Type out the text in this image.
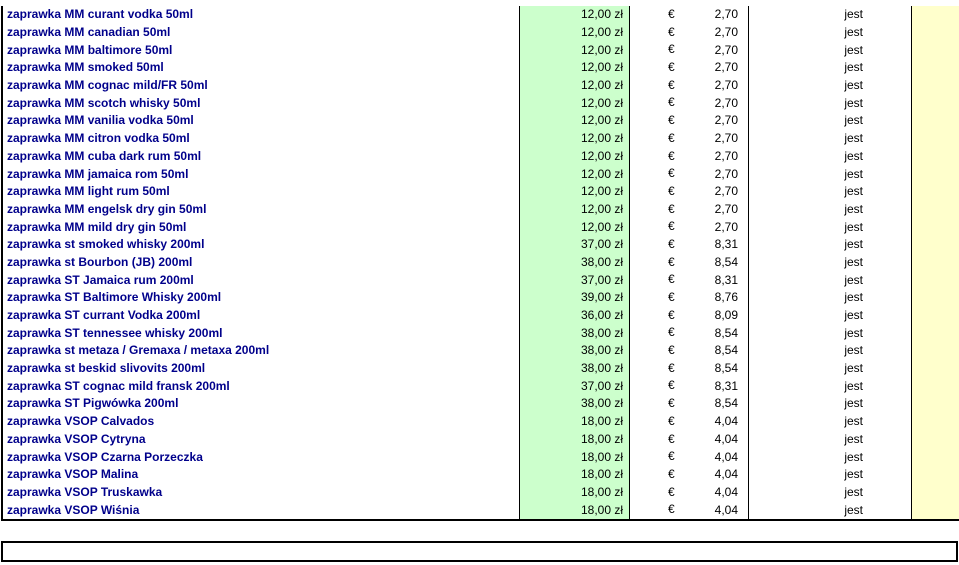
zaprawka MM curant vodka 50ml	12,00 zł	€ 2,70	jest	
zaprawka MM canadian 50ml	12,00 zł	€ 2,70	jest	
zaprawka MM baltimore 50ml	12,00 zł	€ 2,70	jest	
zaprawka MM smoked 50ml	12,00 zł	€ 2,70	jest	
zaprawka MM cognac mild/FR 50ml	12,00 zł	€ 2,70	jest	
zaprawka MM scotch whisky 50ml	12,00 zł	€ 2,70	jest	
zaprawka MM vanilia vodka 50ml	12,00 zł	€ 2,70	jest	
zaprawka MM citron vodka 50ml	12,00 zł	€ 2,70	jest	
zaprawka MM cuba dark rum 50ml	12,00 zł	€ 2,70	jest	
zaprawka MM jamaica rom 50ml	12,00 zł	€ 2,70	jest	
zaprawka MM light rum 50ml	12,00 zł	€ 2,70	jest	
zaprawka MM engelsk dry gin 50ml	12,00 zł	€ 2,70	jest	
zaprawka MM mild dry gin 50ml	12,00 zł	€ 2,70	jest	
zaprawka st smoked whisky 200ml	37,00 zł	€ 8,31	jest	
zaprawka st Bourbon (JB) 200ml	38,00 zł	€ 8,54	jest	
zaprawka ST Jamaica rum 200ml	37,00 zł	€ 8,31	jest	
zaprawka ST Baltimore Whisky 200ml	39,00 zł	€ 8,76	jest	
zaprawka ST currant Vodka 200ml	36,00 zł	€ 8,09	jest	
zaprawka ST tennessee whisky 200ml	38,00 zł	€ 8,54	jest	
zaprawka st metaza / Gremaxa / metaxa 200ml	38,00 zł	€ 8,54	jest	
zaprawka st beskid slivovits 200ml	38,00 zł	€ 8,54	jest	
zaprawka ST cognac mild fransk 200ml	37,00 zł	€ 8,31	jest	
zaprawka ST Pigwówka 200ml	38,00 zł	€ 8,54	jest	
zaprawka VSOP Calvados	18,00 zł	€ 4,04	jest	
zaprawka VSOP Cytryna	18,00 zł	€ 4,04	jest	
zaprawka VSOP Czarna Porzeczka	18,00 zł	€ 4,04	jest	
zaprawka VSOP Malina	18,00 zł	€ 4,04	jest	
zaprawka VSOP Truskawka	18,00 zł	€ 4,04	jest	
zaprawka VSOP Wiśnia	18,00 zł	€ 4,04	jest	
